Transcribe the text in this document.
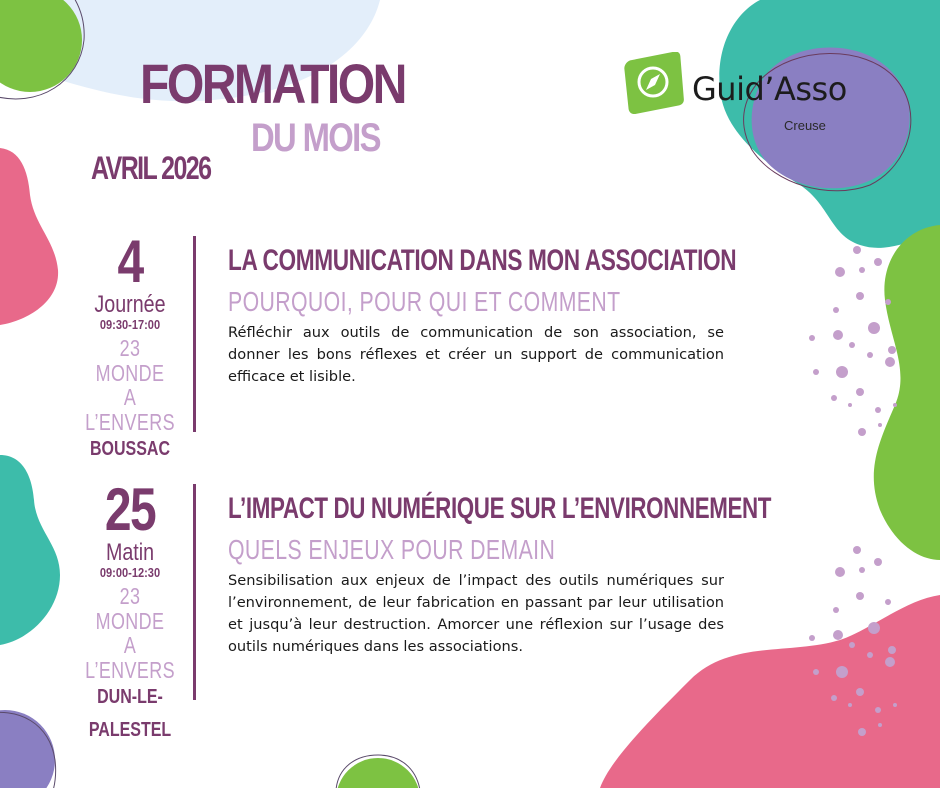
FORMATION
DU MOIS
AVRIL 2026
Guid’Asso
Creuse
4
Journée
09:30-17:00
23 MONDE
A L’ENVERS
BOUSSAC
LA COMMUNICATION DANS MON ASSOCIATION
POURQUOI, POUR QUI ET COMMENT
Réfléchir aux outils de communication de son association, se donner les bons réflexes et créer un support de communication efficace et lisible.
25
Matin
09:00-12:30
23 MONDE
A L’ENVERS
DUN-LE-
PALESTEL
L’IMPACT DU NUMÉRIQUE SUR L’ENVIRONNEMENT
QUELS ENJEUX POUR DEMAIN
Sensibilisation aux enjeux de l’impact des outils numériques sur l’environnement, de leur fabrication en passant par leur utilisation et jusqu’à leur destruction. Amorcer une réflexion sur l’usage des outils numériques dans les associations.
